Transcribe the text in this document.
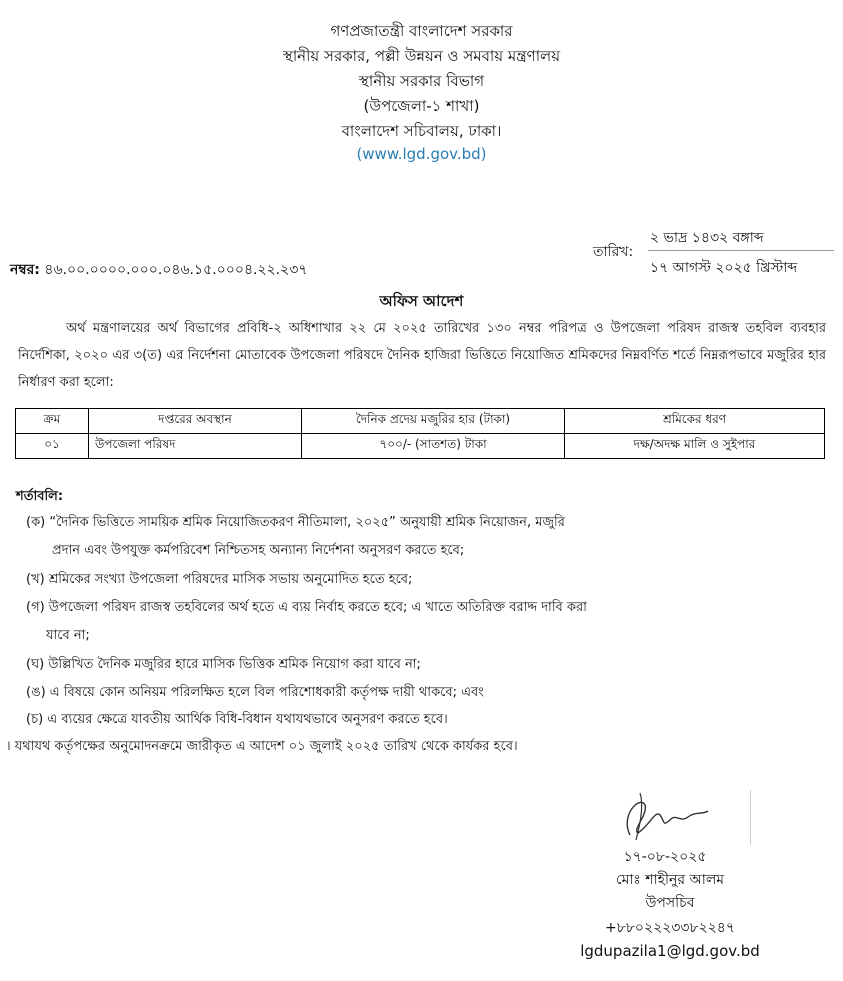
গণপ্রজাতন্ত্রী বাংলাদেশ সরকার
স্থানীয় সরকার, পল্লী উন্নয়ন ও সমবায় মন্ত্রণালয়
স্থানীয় সরকার বিভাগ
(উপজেলা-১ শাখা)
বাংলাদেশ সচিবালয়, ঢাকা।
(www.lgd.gov.bd)
নম্বর: ৪৬.০০.০০০০.০০০.০৪৬.১৫.০০০৪.২২.২৩৭
তারিখ:
২ ভাদ্র ১৪৩২ বঙ্গাব্দ
১৭ আগস্ট ২০২৫ খ্রিস্টাব্দ
অফিস আদেশ
অর্থ মন্ত্রণালয়ের অর্থ বিভাগের প্রবিধি-২ অধিশাখার ২২ মে ২০২৫ তারিখের ১৩০ নম্বর পরিপত্র ও উপজেলা পরিষদ রাজস্ব তহবিল ব্যবহার নির্দেশিকা, ২০২০ এর ৩(ত) এর নির্দেশনা মোতাবেক উপজেলা পরিষদে দৈনিক হাজিরা ভিত্তিতে নিয়োজিত শ্রমিকদের নিম্নবর্ণিত শর্তে নিম্নরূপভাবে মজুরির হার নির্ধারণ করা হলো:
ক্রম	দপ্তরের অবস্থান	দৈনিক প্রদেয় মজুরির হার (টাকা)	শ্রমিকের ধরণ
০১	উপজেলা পরিষদ	৭০০/- (সাতশত) টাকা	দক্ষ/অদক্ষ মালি ও সুইপার
শর্তাবলি:
(ক) “দৈনিক ভিত্তিতে সাময়িক শ্রমিক নিয়োজিতকরণ নীতিমালা, ২০২৫” অনুযায়ী শ্রমিক নিয়োজন, মজুরি
প্রদান এবং উপযুক্ত কর্মপরিবেশ নিশ্চিতসহ অন্যান্য নির্দেশনা অনুসরণ করতে হবে;
(খ) শ্রমিকের সংখ্যা উপজেলা পরিষদের মাসিক সভায় অনুমোদিত হতে হবে;
(গ) উপজেলা পরিষদ রাজস্ব তহবিলের অর্থ হতে এ ব্যয় নির্বাহ করতে হবে; এ খাতে অতিরিক্ত বরাদ্দ দাবি করা
যাবে না;
(ঘ) উল্লিখিত দৈনিক মজুরির হারে মাসিক ভিত্তিক শ্রমিক নিয়োগ করা যাবে না;
(ঙ) এ বিষয়ে কোন অনিয়ম পরিলক্ষিত হলে বিল পরিশোধকারী কর্তৃপক্ষ দায়ী থাকবে; এবং
(চ) এ ব্যয়ের ক্ষেত্রে যাবতীয় আর্থিক বিধি-বিধান যথাযথভাবে অনুসরণ করতে হবে।
। যথাযথ কর্তৃপক্ষের অনুমোদনক্রমে জারীকৃত এ আদেশ ০১ জুলাই ২০২৫ তারিখ থেকে কার্যকর হবে।
১৭-০৮-২০২৫
মোঃ শাহীনুর আলম
উপসচিব
+৮৮০২২২৩৩৮২২৪৭
lgdupazila1@lgd.gov.bd
